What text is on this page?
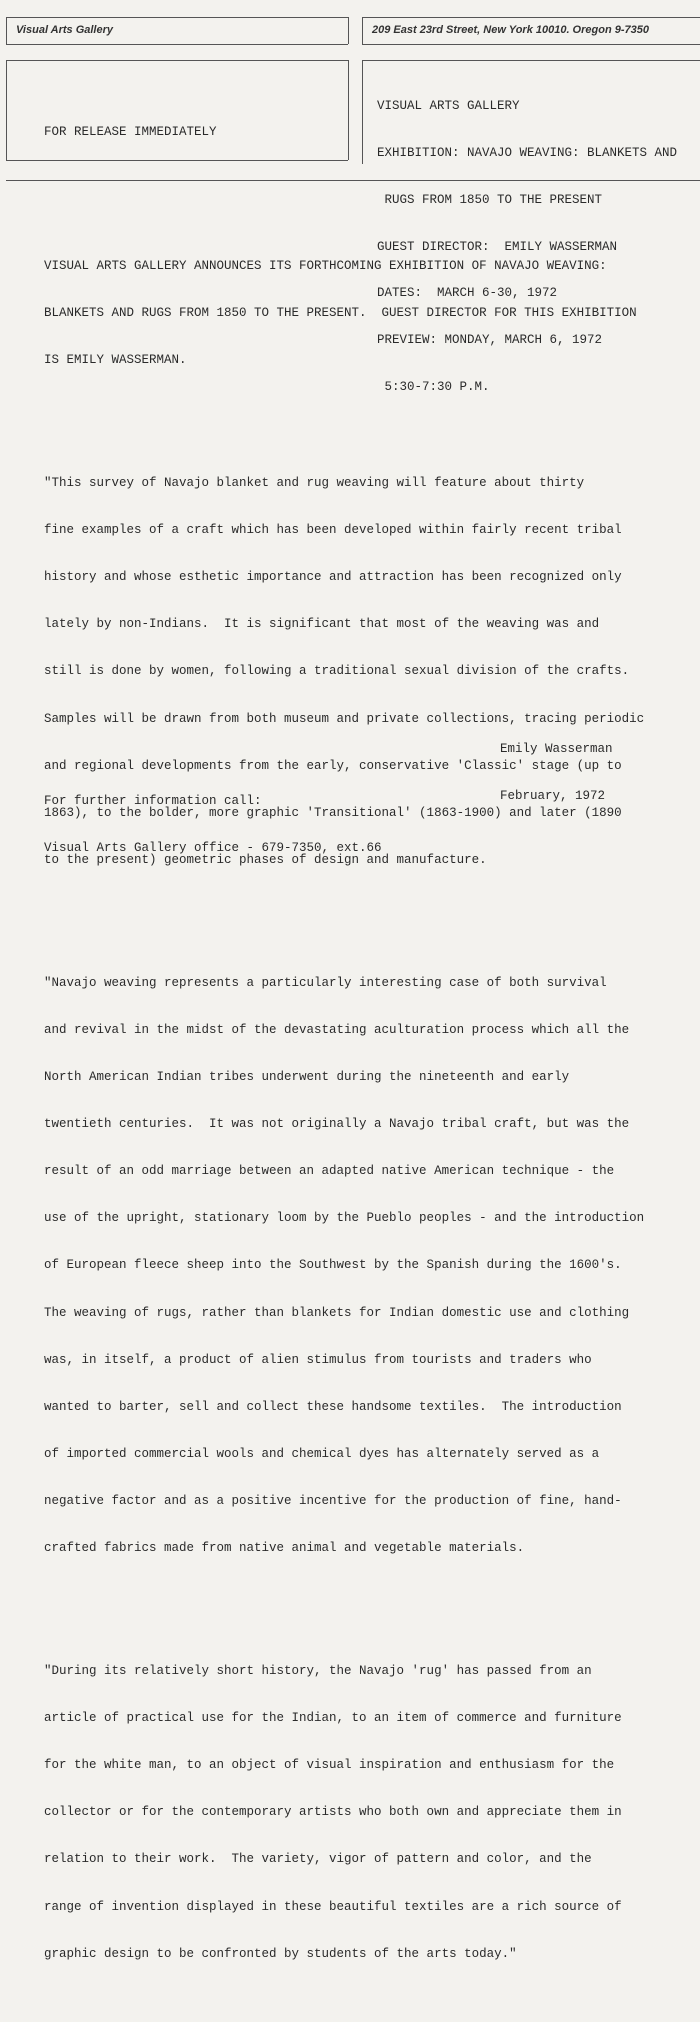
Visual Arts Gallery	209 East 23rd Street, New York 10010. Oregon 9-7350
FOR RELEASE IMMEDIATELY

VISUAL ARTS GALLERY

EXHIBITION: NAVAJO WEAVING: BLANKETS AND

RUGS FROM 1850 TO THE PRESENT

GUEST DIRECTOR:  EMILY WASSERMAN

DATES:  MARCH 6-30, 1972

PREVIEW: MONDAY, MARCH 6, 1972

5:30-7:30 P.M.

VISUAL ARTS GALLERY ANNOUNCES ITS FORTHCOMING EXHIBITION OF NAVAJO WEAVING:

BLANKETS AND RUGS FROM 1850 TO THE PRESENT.  GUEST DIRECTOR FOR THIS EXHIBITION

IS EMILY WASSERMAN.

"This survey of Navajo blanket and rug weaving will feature about thirty

fine examples of a craft which has been developed within fairly recent tribal

history and whose esthetic importance and attraction has been recognized only

lately by non-Indians.  It is significant that most of the weaving was and

still is done by women, following a traditional sexual division of the crafts.

Samples will be drawn from both museum and private collections, tracing periodic

and regional developments from the early, conservative 'Classic' stage (up to

1863), to the bolder, more graphic 'Transitional' (1863-1900) and later (1890

to the present) geometric phases of design and manufacture.

"Navajo weaving represents a particularly interesting case of both survival

and revival in the midst of the devastating aculturation process which all the

North American Indian tribes underwent during the nineteenth and early

twentieth centuries.  It was not originally a Navajo tribal craft, but was the

result of an odd marriage between an adapted native American technique - the

use of the upright, stationary loom by the Pueblo peoples - and the introduction

of European fleece sheep into the Southwest by the Spanish during the 1600's.

The weaving of rugs, rather than blankets for Indian domestic use and clothing

was, in itself, a product of alien stimulus from tourists and traders who

wanted to barter, sell and collect these handsome textiles.  The introduction

of imported commercial wools and chemical dyes has alternately served as a

negative factor and as a positive incentive for the production of fine, hand-

crafted fabrics made from native animal and vegetable materials.

"During its relatively short history, the Navajo 'rug' has passed from an

article of practical use for the Indian, to an item of commerce and furniture

for the white man, to an object of visual inspiration and enthusiasm for the

collector or for the contemporary artists who both own and appreciate them in

relation to their work.  The variety, vigor of pattern and color, and the

range of invention displayed in these beautiful textiles are a rich source of

graphic design to be confronted by students of the arts today."

Emily Wasserman

February, 1972

For further information call:

Visual Arts Gallery office - 679-7350, ext.66
